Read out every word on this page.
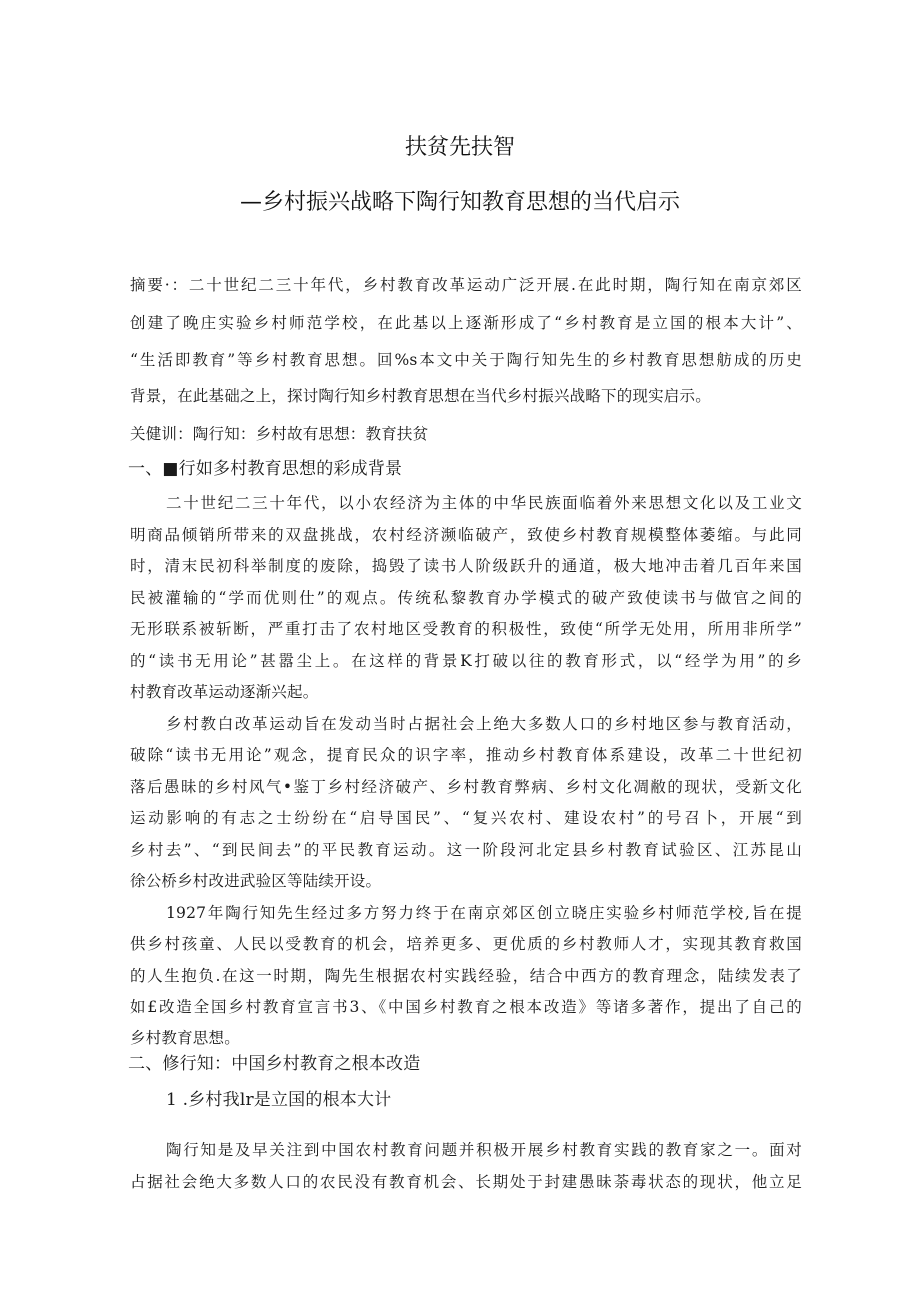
扶贫先扶智
—乡村振兴战略下陶行知教育思想的当代启示
摘要·：二十世纪二三十年代，乡村教育改革运动广泛开展.在此时期，陶行知在南京郊区
创建了晚庄实验乡村师范学校，在此基以上逐渐形成了“乡村教育是立国的根本大计”、
“生活即教育”等乡村教育思想。回%s本文中关于陶行知先生的乡村教育思想舫成的历史
背景，在此基础之上，探讨陶行知乡村教育思想在当代乡村振兴战略下的现实启示。
关健训：陶行知：乡村故有思想：教育扶贫
一、■行如多村教育思想的彩成背景
二十世纪二三十年代，以小农经济为主体的中华民族面临着外来思想文化以及工业文
明商品倾销所带来的双盘挑战，农村经济濒临破产，致使乡村教育规模整体萎缩。与此同
时，清末民初科举制度的废除，捣毁了读书人阶级跃升的通道，极大地冲击着几百年来国
民被灌输的“学而优则仕”的观点。传统私黎教育办学模式的破产致使读书与做官之间的
无形联系被斩断，严重打击了农村地区受教育的积极性，致使“所学无处用，所用非所学”
的“读书无用论”甚嚣尘上。在这样的背景K打破以往的教育形式，以“经学为用”的乡
村教育改革运动逐渐兴起。
乡村教白改革运动旨在发动当时占据社会上绝大多数人口的乡村地区参与教育活动，
破除“读书无用论”观念，提育民众的识字率，推动乡村教育体系建设，改革二十世纪初
落后愚昧的乡村风气•鉴丁乡村经济破产、乡村教育弊病、乡村文化凋敝的现状，受新文化
运动影响的有志之士纷纷在“启导国民”、“复兴农村、建设农村”的号召卜，开展“到
乡村去”、“到民间去”的平民教育运动。这一阶段河北定县乡村教育试验区、江苏昆山
徐公桥乡村改进武验区等陆续开设。
1927年陶行知先生经过多方努力终于在南京郊区创立晓庄实验乡村师范学校,旨在提
供乡村孩童、人民以受教育的机会，培养更多、更优质的乡村教师人才，实现其教育救国
的人生抱负.在这一时期，陶先生根据农村实践经验，结合中西方的教育理念，陆续发表了
如£改造全国乡村教育宣言书3、《中国乡村教育之根本改造》等诸多著作，提出了自己的
乡村教育思想。
二、修行知：中国乡村教育之根本改造
1 .乡村我lr是立国的根本大计
陶行知是及早关注到中国农村教育问题并积极开展乡村教育实践的教育家之一。面对
占据社会绝大多数人口的农民没有教育机会、长期处于封建愚昧荼毒状态的现状，他立足
